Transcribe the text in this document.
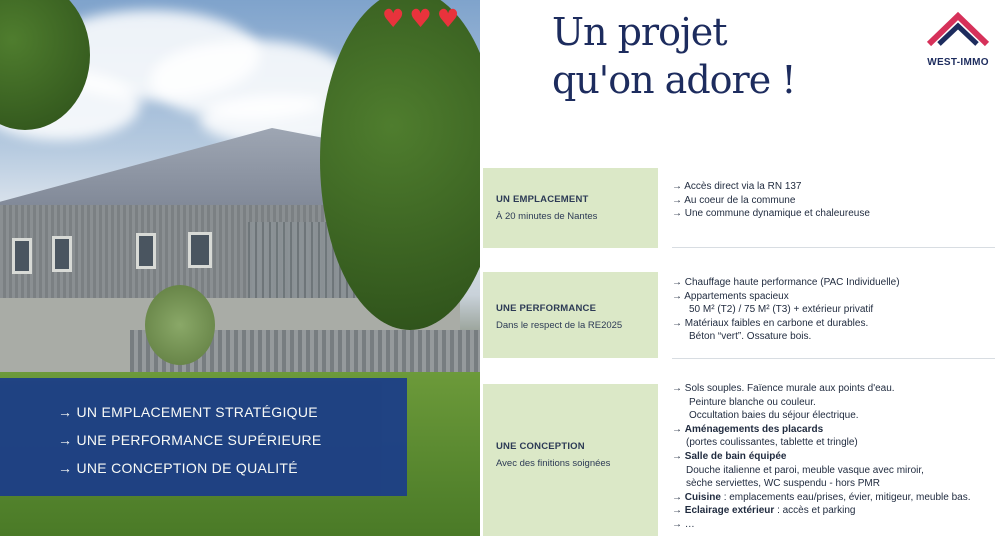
♥ ♥ ♥
→ UN EMPLACEMENT STRATÉGIQUE
→ UNE PERFORMANCE SUPÉRIEURE
→ UNE CONCEPTION DE QUALITÉ
Un projet
qu'on adore !	WEST-IMMO
UN EMPLACEMENT
À 20 minutes de Nantes
→ Accès direct via la RN 137
→ Au coeur de la commune
→ Une commune dynamique et chaleureuse
UNE PERFORMANCE
Dans le respect de la RE2025
→ Chauffage haute performance (PAC Individuelle)
→ Appartements spacieux
50 M² (T2) / 75 M² (T3) + extérieur privatif
→ Matériaux faibles en carbone et durables.
Béton “vert”. Ossature bois.
UNE CONCEPTION
Avec des finitions soignées
→ Sols souples. Faïence murale aux points d'eau.
Peinture blanche ou couleur.
Occultation baies du séjour électrique.
→ Aménagements des placards
(portes coulissantes, tablette et tringle)
→ Salle de bain équipée
Douche italienne et paroi, meuble vasque avec miroir,
sèche serviettes, WC suspendu - hors PMR
→ Cuisine : emplacements eau/prises, évier, mitigeur, meuble bas.
→ Eclairage extérieur : accès et parking
→ …
